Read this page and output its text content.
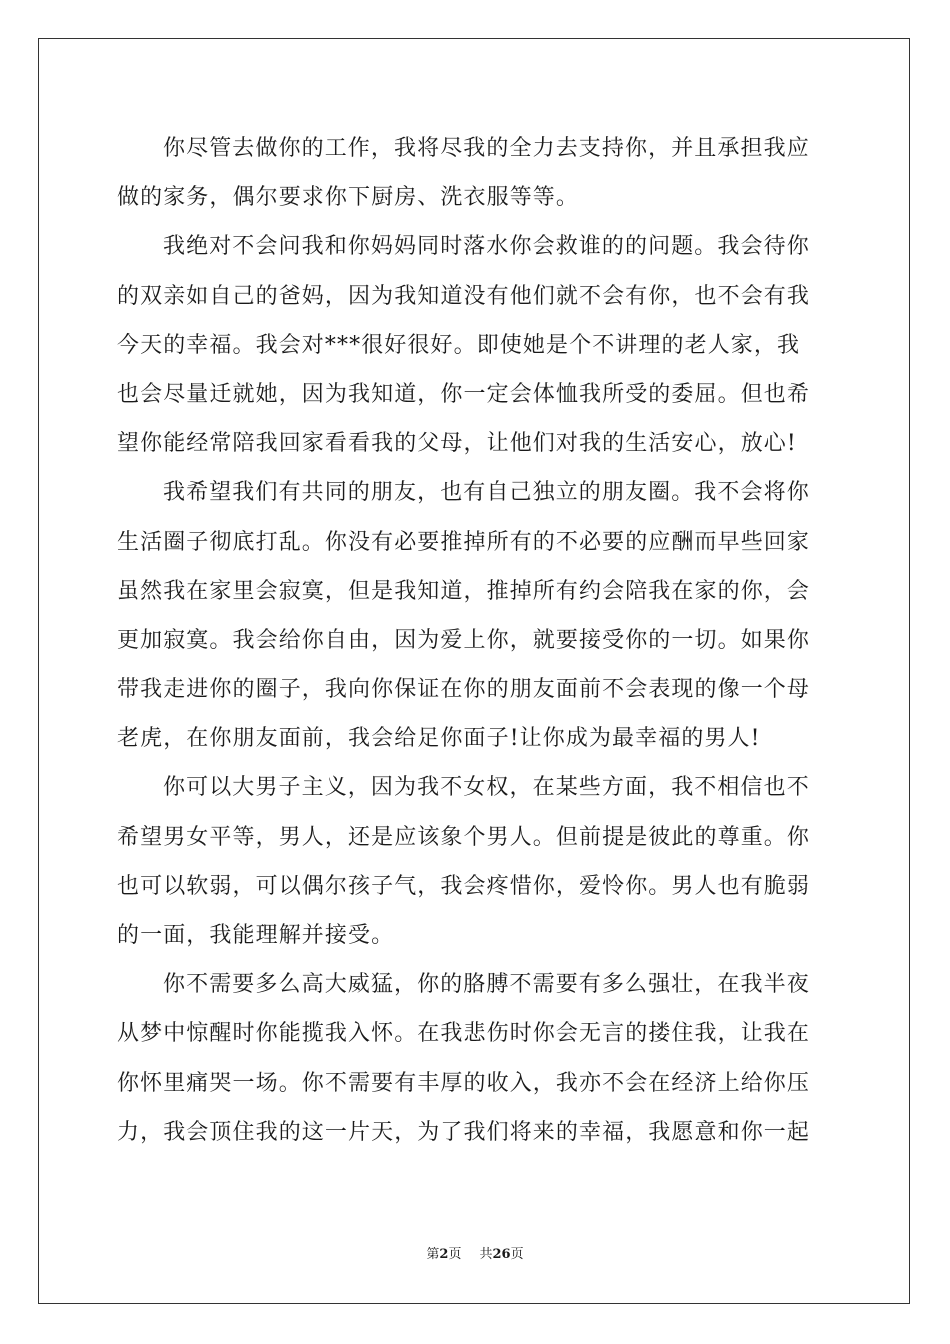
你尽管去做你的工作，我将尽我的全力去支持你，并且承担我应
做的家务，偶尔要求你下厨房、洗衣服等等。
我绝对不会问我和你妈妈同时落水你会救谁的的问题。我会待你
的双亲如自己的爸妈，因为我知道没有他们就不会有你，也不会有我
今天的幸福。我会对***很好很好。即使她是个不讲理的老人家，我
也会尽量迁就她，因为我知道，你一定会体恤我所受的委屈。但也希
望你能经常陪我回家看看我的父母，让他们对我的生活安心，放心!
我希望我们有共同的朋友，也有自己独立的朋友圈。我不会将你
生活圈子彻底打乱。你没有必要推掉所有的不必要的应酬而早些回家
虽然我在家里会寂寞，但是我知道，推掉所有约会陪我在家的你，会
更加寂寞。我会给你自由，因为爱上你，就要接受你的一切。如果你
带我走进你的圈子，我向你保证在你的朋友面前不会表现的像一个母
老虎，在你朋友面前，我会给足你面子!让你成为最幸福的男人!
你可以大男子主义，因为我不女权，在某些方面，我不相信也不
希望男女平等，男人，还是应该象个男人。但前提是彼此的尊重。你
也可以软弱，可以偶尔孩子气，我会疼惜你，爱怜你。男人也有脆弱
的一面，我能理解并接受。
你不需要多么高大威猛，你的胳膊不需要有多么强壮，在我半夜
从梦中惊醒时你能揽我入怀。在我悲伤时你会无言的搂住我，让我在
你怀里痛哭一场。你不需要有丰厚的收入，我亦不会在经济上给你压
力，我会顶住我的这一片天，为了我们将来的幸福，我愿意和你一起
第2页 共26页
